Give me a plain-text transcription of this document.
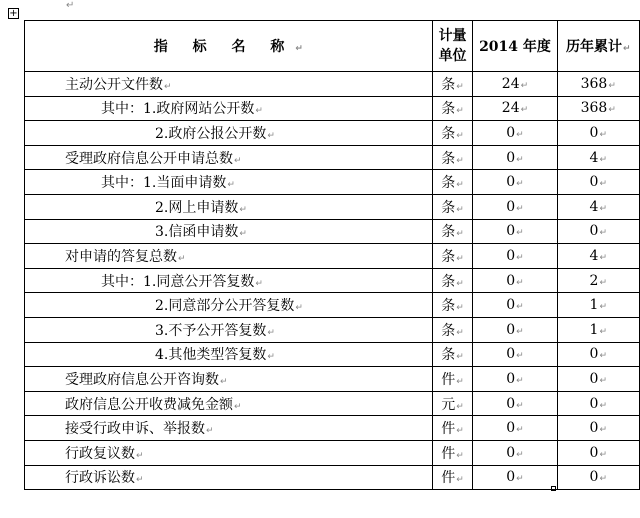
+
↵
指 标 名 称↵	计量
单位	2014 年度	历年累计↵
主动公开文件数↵	条↵	24↵	368↵
其中：1.政府网站公开数↵	条↵	24↵	368↵
2.政府公报公开数↵	条↵	0↵	0↵
受理政府信息公开申请总数↵	条↵	0↵	4↵
其中：1.当面申请数↵	条↵	0↵	0↵
2.网上申请数↵	条↵	0↵	4↵
3.信函申请数↵	条↵	0↵	0↵
对申请的答复总数↵	条↵	0↵	4↵
其中：1.同意公开答复数↵	条↵	0↵	2↵
2.同意部分公开答复数↵	条↵	0↵	1↵
3.不予公开答复数↵	条↵	0↵	1↵
4.其他类型答复数↵	条↵	0↵	0↵
受理政府信息公开咨询数↵	件↵	0↵	0↵
政府信息公开收费减免金额↵	元↵	0↵	0↵
接受行政申诉、举报数↵	件↵	0↵	0↵
行政复议数↵	件↵	0↵	0↵
行政诉讼数↵	件↵	0↵	0↵
